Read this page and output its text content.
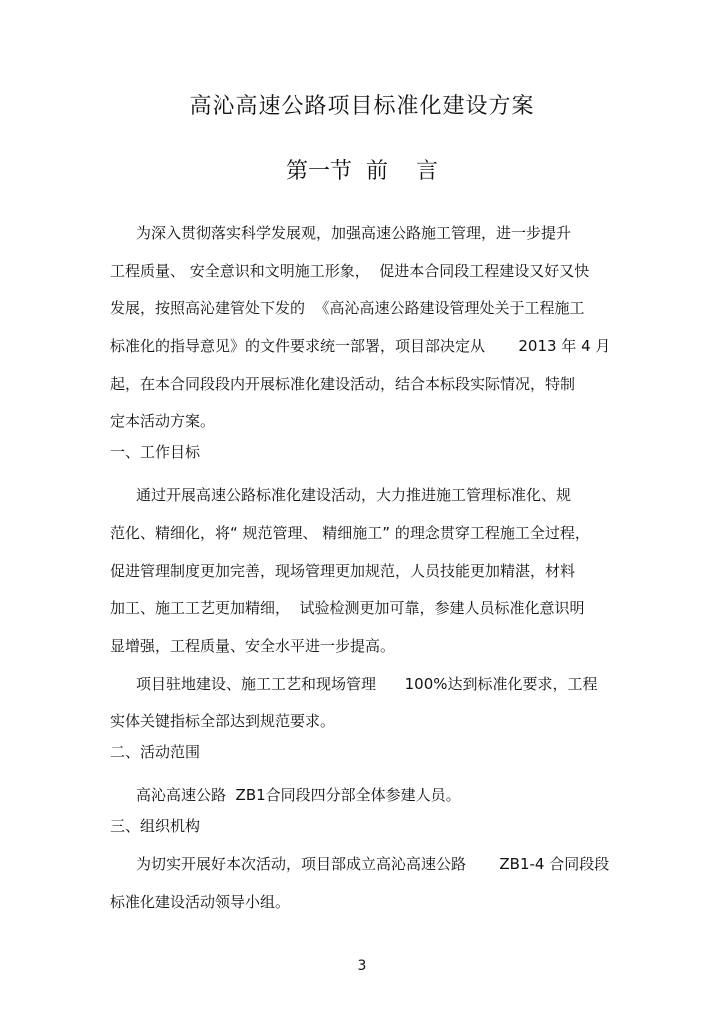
高沁高速公路项目标准化建设方案
第一节  前    言
为深入贯彻落实科学发展观，加强高速公路施工管理，进一步提升
工程质量、 安全意识和文明施工形象，  促进本合同段工程建设又好又快
发展，按照高沁建管处下发的  《高沁高速公路建设管理处关于工程施工
标准化的指导意见》的文件要求统一部署，项目部决定从       2013 年 4 月
起，在本合同段段内开展标准化建设活动，结合本标段实际情况，特制
定本活动方案。
一、工作目标
通过开展高速公路标准化建设活动，大力推进施工管理标准化、规
范化、精细化，将“ 规范管理、 精细施工” 的理念贯穿工程施工全过程，
促进管理制度更加完善，现场管理更加规范，人员技能更加精湛，材料
加工、施工工艺更加精细，  试验检测更加可靠，参建人员标准化意识明
显增强，工程质量、安全水平进一步提高。
项目驻地建设、施工工艺和现场管理      100%达到标准化要求，工程
实体关键指标全部达到规范要求。
二、活动范围
高沁高速公路  ZB1合同段四分部全体参建人员。
三、组织机构
为切实开展好本次活动，项目部成立高沁高速公路       ZB1-4 合同段段
标准化建设活动领导小组。
3
